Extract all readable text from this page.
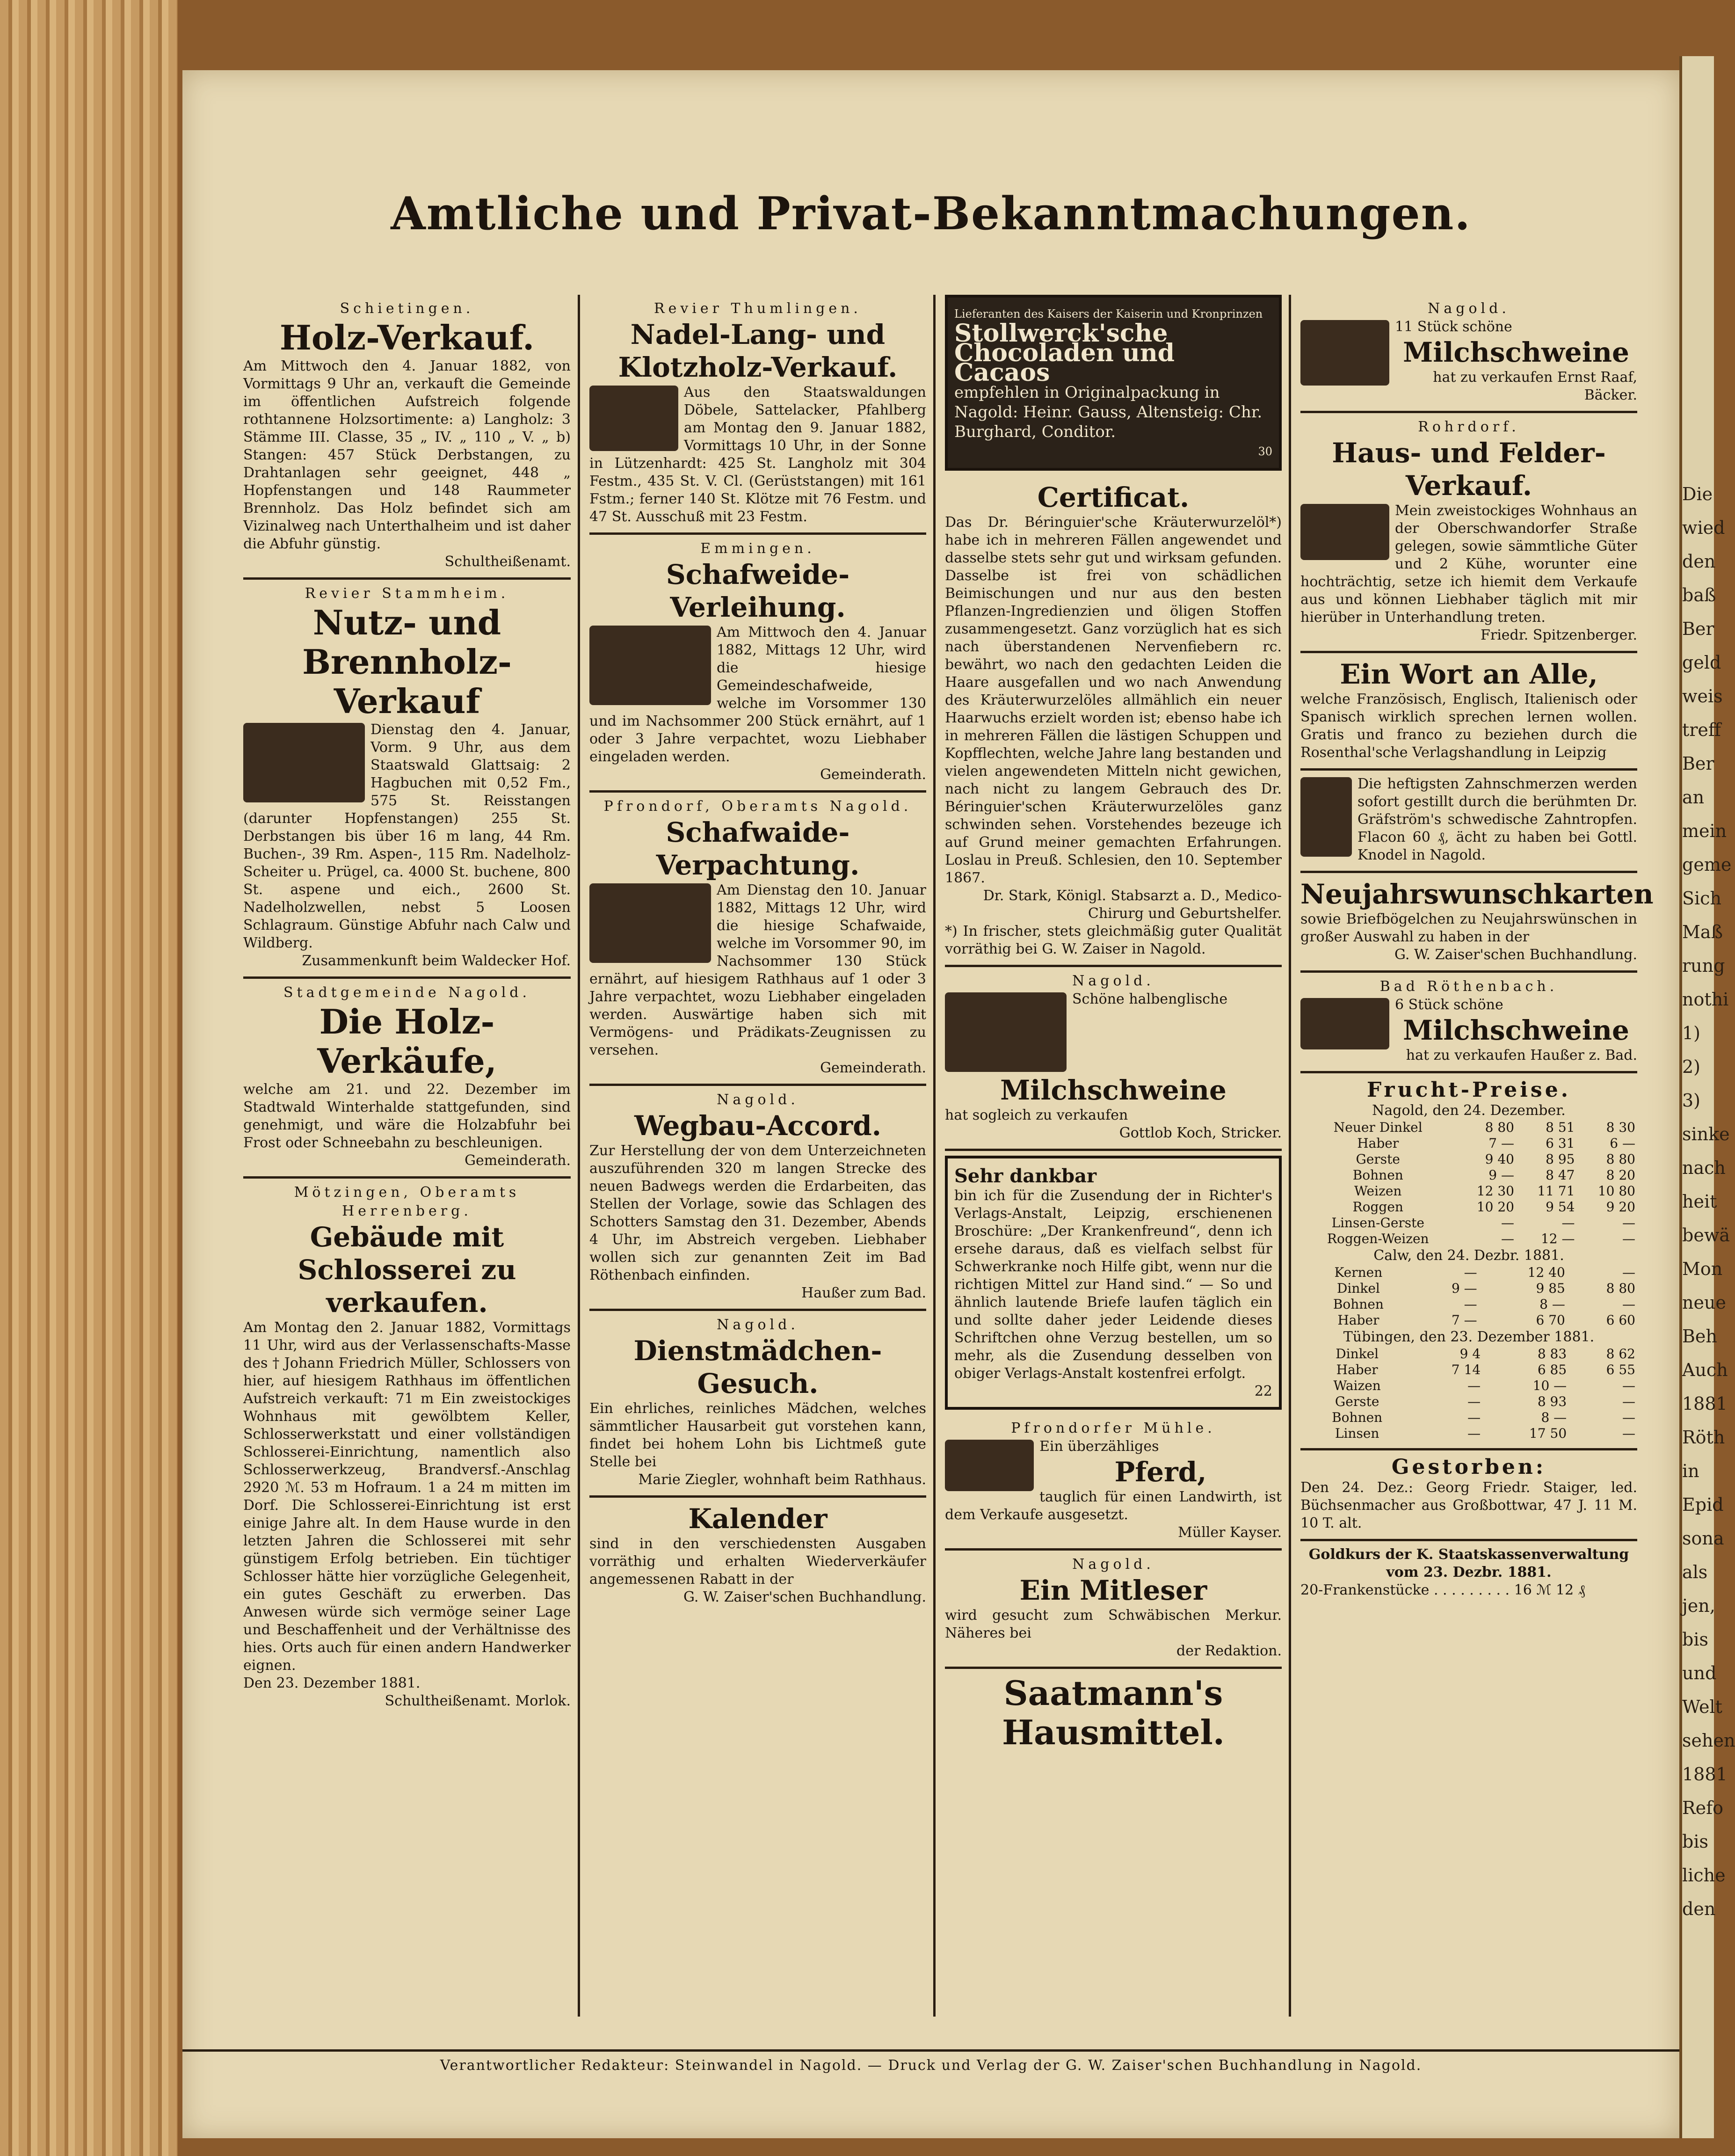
Amtliche und Privat-Bekanntmachungen.
Schietingen.
Holz-Verkauf.
Am Mittwoch den 4. Januar 1882, von Vormittags 9 Uhr an, verkauft die Gemeinde im öffentlichen Aufstreich folgende rothtannene Holzsortimente: a) Langholz: 3 Stämme III. Classe, 35 „ IV. „ 110 „ V. „ b) Stangen: 457 Stück Derbstangen, zu Drahtanlagen sehr geeignet, 448 „ Hopfenstangen und 148 Raummeter Brennholz. Das Holz befindet sich am Vizinalweg nach Unterthalheim und ist daher die Abfuhr günstig.
Schultheißenamt.
Revier Stammheim.
Nutz- und Brennholz-Verkauf
Dienstag den 4. Januar, Vorm. 9 Uhr, aus dem Staatswald Glattsaig: 2 Hagbuchen mit 0,52 Fm., 575 St. Reisstangen (darunter Hopfenstangen) 255 St. Derbstangen bis über 16 m lang, 44 Rm. Buchen-, 39 Rm. Aspen-, 115 Rm. Nadelholz-Scheiter u. Prügel, ca. 4000 St. buchene, 800 St. aspene und eich., 2600 St. Nadelholzwellen, nebst 5 Loosen Schlagraum. Günstige Abfuhr nach Calw und Wildberg.
Zusammenkunft beim Waldecker Hof.
Stadtgemeinde Nagold.
Die Holz-Verkäufe,
welche am 21. und 22. Dezember im Stadtwald Winterhalde stattgefunden, sind genehmigt, und wäre die Holzabfuhr bei Frost oder Schneebahn zu beschleunigen.
Gemeinderath.
Mötzingen, Oberamts Herrenberg.
Gebäude mit Schlosserei zu verkaufen.
Am Montag den 2. Januar 1882, Vormittags 11 Uhr, wird aus der Verlassenschafts-Masse des † Johann Friedrich Müller, Schlossers von hier, auf hiesigem Rathhaus im öffentlichen Aufstreich verkauft: 71 m Ein zweistockiges Wohnhaus mit gewölbtem Keller, Schlosserwerkstatt und einer vollständigen Schlosserei-Einrichtung, namentlich also Schlosserwerkzeug, Brandversf.-Anschlag 2920 ℳ. 53 m Hofraum. 1 a 24 m mitten im Dorf. Die Schlosserei-Einrichtung ist erst einige Jahre alt. In dem Hause wurde in den letzten Jahren die Schlosserei mit sehr günstigem Erfolg betrieben. Ein tüchtiger Schlosser hätte hier vorzügliche Gelegenheit, ein gutes Geschäft zu erwerben. Das Anwesen würde sich vermöge seiner Lage und Beschaffenheit und der Verhältnisse des hies. Orts auch für einen andern Handwerker eignen.
Den 23. Dezember 1881.
Schultheißenamt. Morlok.
Revier Thumlingen.
Nadel-Lang- und Klotzholz-Verkauf.
Aus den Staatswaldungen Döbele, Sattelacker, Pfahlberg am Montag den 9. Januar 1882, Vormittags 10 Uhr, in der Sonne in Lützenhardt: 425 St. Langholz mit 304 Festm., 435 St. V. Cl. (Gerüststangen) mit 161 Fstm.; ferner 140 St. Klötze mit 76 Festm. und 47 St. Ausschuß mit 23 Festm.
Emmingen.
Schafweide-Verleihung.
Am Mittwoch den 4. Januar 1882, Mittags 12 Uhr, wird die hiesige Gemeindeschafweide, welche im Vorsommer 130 und im Nachsommer 200 Stück ernährt, auf 1 oder 3 Jahre verpachtet, wozu Liebhaber eingeladen werden.
Gemeinderath.
Pfrondorf, Oberamts Nagold.
Schafwaide-Verpachtung.
Am Dienstag den 10. Januar 1882, Mittags 12 Uhr, wird die hiesige Schafwaide, welche im Vorsommer 90, im Nachsommer 130 Stück ernährt, auf hiesigem Rathhaus auf 1 oder 3 Jahre verpachtet, wozu Liebhaber eingeladen werden. Auswärtige haben sich mit Vermögens- und Prädikats-Zeugnissen zu versehen.
Gemeinderath.
Nagold.
Wegbau-Accord.
Zur Herstellung der von dem Unterzeichneten auszuführenden 320 m langen Strecke des neuen Badwegs werden die Erdarbeiten, das Stellen der Vorlage, sowie das Schlagen des Schotters Samstag den 31. Dezember, Abends 4 Uhr, im Abstreich vergeben. Liebhaber wollen sich zur genannten Zeit im Bad Röthenbach einfinden.
Haußer zum Bad.
Nagold.
Dienstmädchen-Gesuch.
Ein ehrliches, reinliches Mädchen, welches sämmtlicher Hausarbeit gut vorstehen kann, findet bei hohem Lohn bis Lichtmeß gute Stelle bei
Marie Ziegler, wohnhaft beim Rathhaus.
Kalender
sind in den verschiedensten Ausgaben vorräthig und erhalten Wiederverkäufer angemessenen Rabatt in der
G. W. Zaiser'schen Buchhandlung.
Lieferanten des Kaisers der Kaiserin und Kronprinzen
Stollwerck'sche Chocoladen und Cacaos
empfehlen in Originalpackung in Nagold: Heinr. Gauss, Altensteig: Chr. Burghard, Conditor.
30
Certificat.
Das Dr. Béringuier'sche Kräuterwurzelöl*) habe ich in mehreren Fällen angewendet und dasselbe stets sehr gut und wirksam gefunden. Dasselbe ist frei von schädlichen Beimischungen und nur aus den besten Pflanzen-Ingredienzien und öligen Stoffen zusammengesetzt. Ganz vorzüglich hat es sich nach überstandenen Nervenfiebern rc. bewährt, wo nach den gedachten Leiden die Haare ausgefallen und wo nach Anwendung des Kräuterwurzelöles allmählich ein neuer Haarwuchs erzielt worden ist; ebenso habe ich in mehreren Fällen die lästigen Schuppen und Kopfflechten, welche Jahre lang bestanden und vielen angewendeten Mitteln nicht gewichen, nach nicht zu langem Gebrauch des Dr. Béringuier'schen Kräuterwurzelöles ganz schwinden sehen. Vorstehendes bezeuge ich auf Grund meiner gemachten Erfahrungen. Loslau in Preuß. Schlesien, den 10. September 1867.
Dr. Stark, Königl. Stabsarzt a. D., Medico-Chirurg und Geburtshelfer.
*) In frischer, stets gleichmäßig guter Qualität vorräthig bei G. W. Zaiser in Nagold.
Nagold.
Schöne halbenglische
Milchschweine
hat sogleich zu verkaufen
Gottlob Koch, Stricker.
Sehr dankbar
bin ich für die Zusendung der in Richter's Verlags-Anstalt, Leipzig, erschienenen Broschüre: „Der Krankenfreund“, denn ich ersehe daraus, daß es vielfach selbst für Schwerkranke noch Hilfe gibt, wenn nur die richtigen Mittel zur Hand sind.“ — So und ähnlich lautende Briefe laufen täglich ein und sollte daher jeder Leidende dieses Schriftchen ohne Verzug bestellen, um so mehr, als die Zusendung desselben von obiger Verlags-Anstalt kostenfrei erfolgt.
22
Pfrondorfer Mühle.
Ein überzähliges
Pferd,
tauglich für einen Landwirth, ist dem Verkaufe ausgesetzt.
Müller Kayser.
Nagold.
Ein Mitleser
wird gesucht zum Schwäbischen Merkur. Näheres bei
der Redaktion.
Saatmann's Hausmittel.
Nagold.
11 Stück schöne
Milchschweine
hat zu verkaufen Ernst Raaf, Bäcker.
Rohrdorf.
Haus- und Felder-Verkauf.
Mein zweistockiges Wohnhaus an der Oberschwandorfer Straße gelegen, sowie sämmtliche Güter und 2 Kühe, worunter eine hochträchtig, setze ich hiemit dem Verkaufe aus und können Liebhaber täglich mit mir hierüber in Unterhandlung treten.
Friedr. Spitzenberger.
Ein Wort an Alle,
welche Französisch, Englisch, Italienisch oder Spanisch wirklich sprechen lernen wollen. Gratis und franco zu beziehen durch die Rosenthal'sche Verlagshandlung in Leipzig
Die heftigsten Zahnschmerzen werden sofort gestillt durch die berühmten Dr. Gräfström's schwedische Zahntropfen. Flacon 60 ₰, ächt zu haben bei Gottl. Knodel in Nagold.
Neujahrswunschkarten
sowie Briefbögelchen zu Neujahrswünschen in großer Auswahl zu haben in der
G. W. Zaiser'schen Buchhandlung.
Bad Röthenbach.
6 Stück schöne
Milchschweine
hat zu verkaufen Haußer z. Bad.
Frucht-Preise.
Nagold, den 24. Dezember.
Neuer Dinkel	8 80	8 51	8 30
Haber	7 —	6 31	6 —
Gerste	9 40	8 95	8 80
Bohnen	9 —	8 47	8 20
Weizen	12 30	11 71	10 80
Roggen	10 20	9 54	9 20
Linsen-Gerste	—	—	—
Roggen-Weizen	—	12 —	—
Calw, den 24. Dezbr. 1881.
Kernen	—	12 40	—
Dinkel	9 —	9 85	8 80
Bohnen	—	8 —	—
Haber	7 —	6 70	6 60
Tübingen, den 23. Dezember 1881.
Dinkel	9 4	8 83	8 62
Haber	7 14	6 85	6 55
Waizen	—	10 —	—
Gerste	—	8 93	—
Bohnen	—	8 —	—
Linsen	—	17 50	—
Gestorben:
Den 24. Dez.: Georg Friedr. Staiger, led. Büchsenmacher aus Großbottwar, 47 J. 11 M. 10 T. alt.
Goldkurs der K. Staatskassenverwaltung vom 23. Dezbr. 1881.
20-Frankenstücke . . . . . . . . . 16 ℳ 12 ₰
Verantwortlicher Redakteur: Steinwandel in Nagold. — Druck und Verlag der G. W. Zaiser'schen Buchhandlung in Nagold.
Die
wied
den
baß
Ber
geld
weis
treff
Ber
an
mein
geme
Sich
Maß
rung
nothi
1)
2)
3)
sinke
nach
heit
bewä
Mon
neue
Beh
Auch
1881
Röth
in
Epid
sona
als
jen,
bis
und
Welt
sehen
1881
Refo
bis
liche
den
